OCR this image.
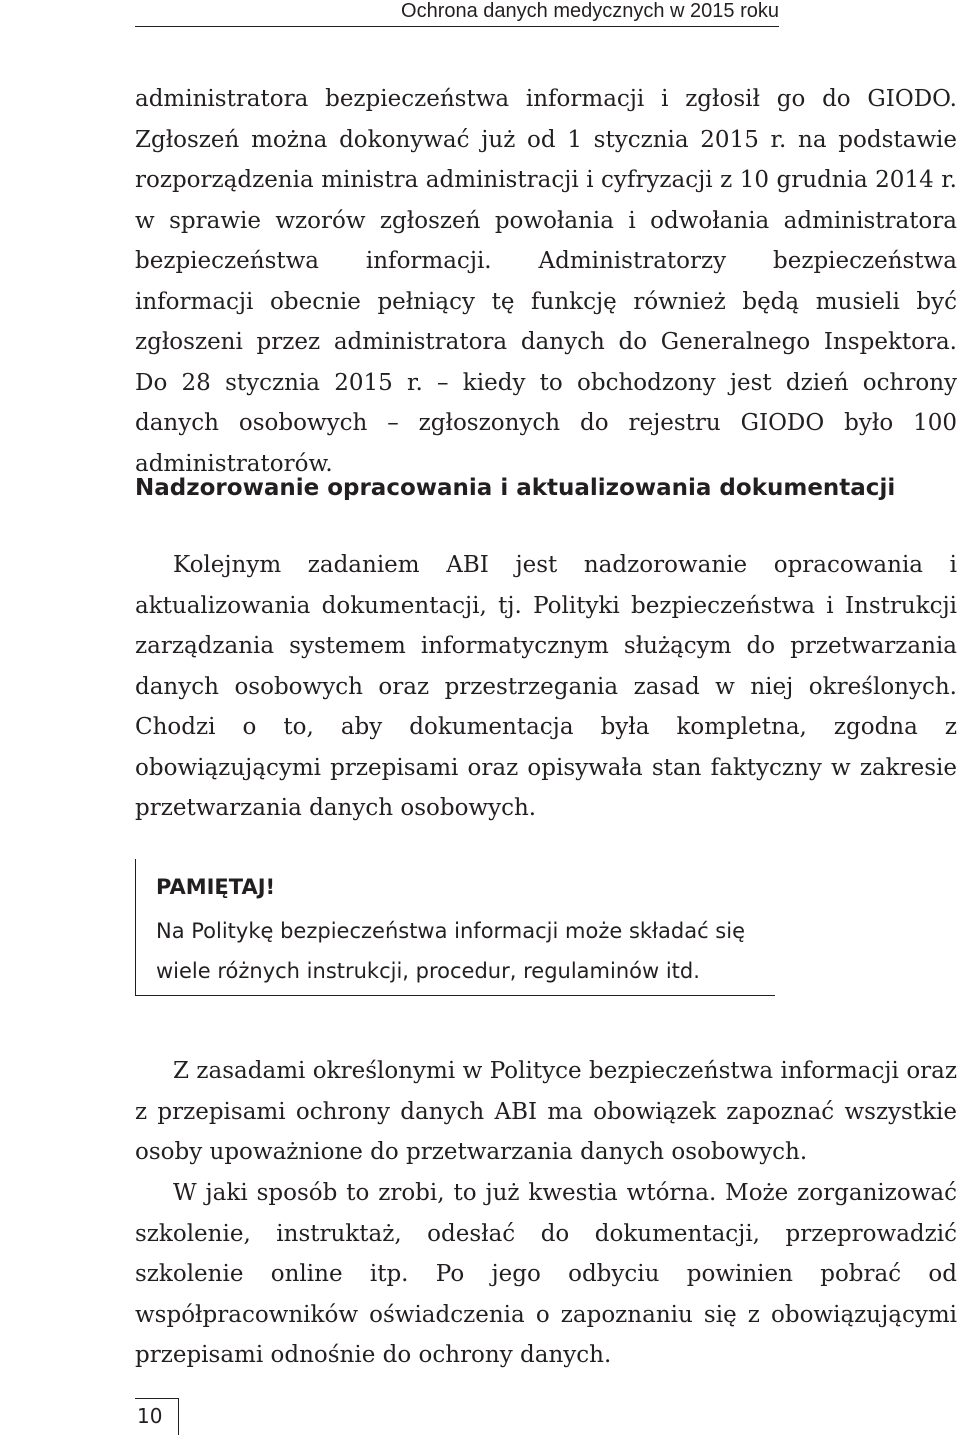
Ochrona danych medycznych w 2015 roku

administratora bezpieczeństwa informacji i zgłosił go do GIODO. Zgłoszeń można dokonywać już od 1 stycznia 2015 r. na podstawie rozporządzenia ministra administracji i cyfryzacji z 10 grudnia 2014 r. w sprawie wzorów zgłoszeń powołania i odwołania administratora bezpieczeństwa informacji. Administratorzy bezpieczeństwa informacji obecnie pełniący tę funkcję również będą musieli być zgłoszeni przez administratora danych do Generalnego Inspektora. Do 28 stycznia 2015 r. – kiedy to obchodzony jest dzień ochrony danych osobowych – zgłoszonych do rejestru GIODO było 100 administratorów.

Nadzorowanie opracowania i aktualizowania dokumentacji

Kolejnym zadaniem ABI jest nadzorowanie opracowania i aktualizowania dokumentacji, tj. Polityki bezpieczeństwa i Instrukcji zarządzania systemem informatycznym służącym do przetwarzania danych osobowych oraz przestrzegania zasad w niej określonych. Chodzi o to, aby dokumentacja była kompletna, zgodna z obowiązującymi przepisami oraz opisywała stan faktyczny w zakresie przetwarzania danych osobowych.

PAMIĘTAJ!

Na Politykę bezpieczeństwa informacji może składać się wiele różnych instrukcji, procedur, regulaminów itd.

Z zasadami określonymi w Polityce bezpieczeństwa informacji oraz z przepisami ochrony danych ABI ma obowiązek zapoznać wszystkie osoby upoważnione do przetwarzania danych osobowych.

W jaki sposób to zrobi, to już kwestia wtórna. Może zorganizować szkolenie, instruktaż, odesłać do dokumentacji, przeprowadzić szkolenie online itp. Po jego odbyciu powinien pobrać od współpracowników oświadczenia o zapoznaniu się z obowiązującymi przepisami odnośnie do ochrony danych.

10
